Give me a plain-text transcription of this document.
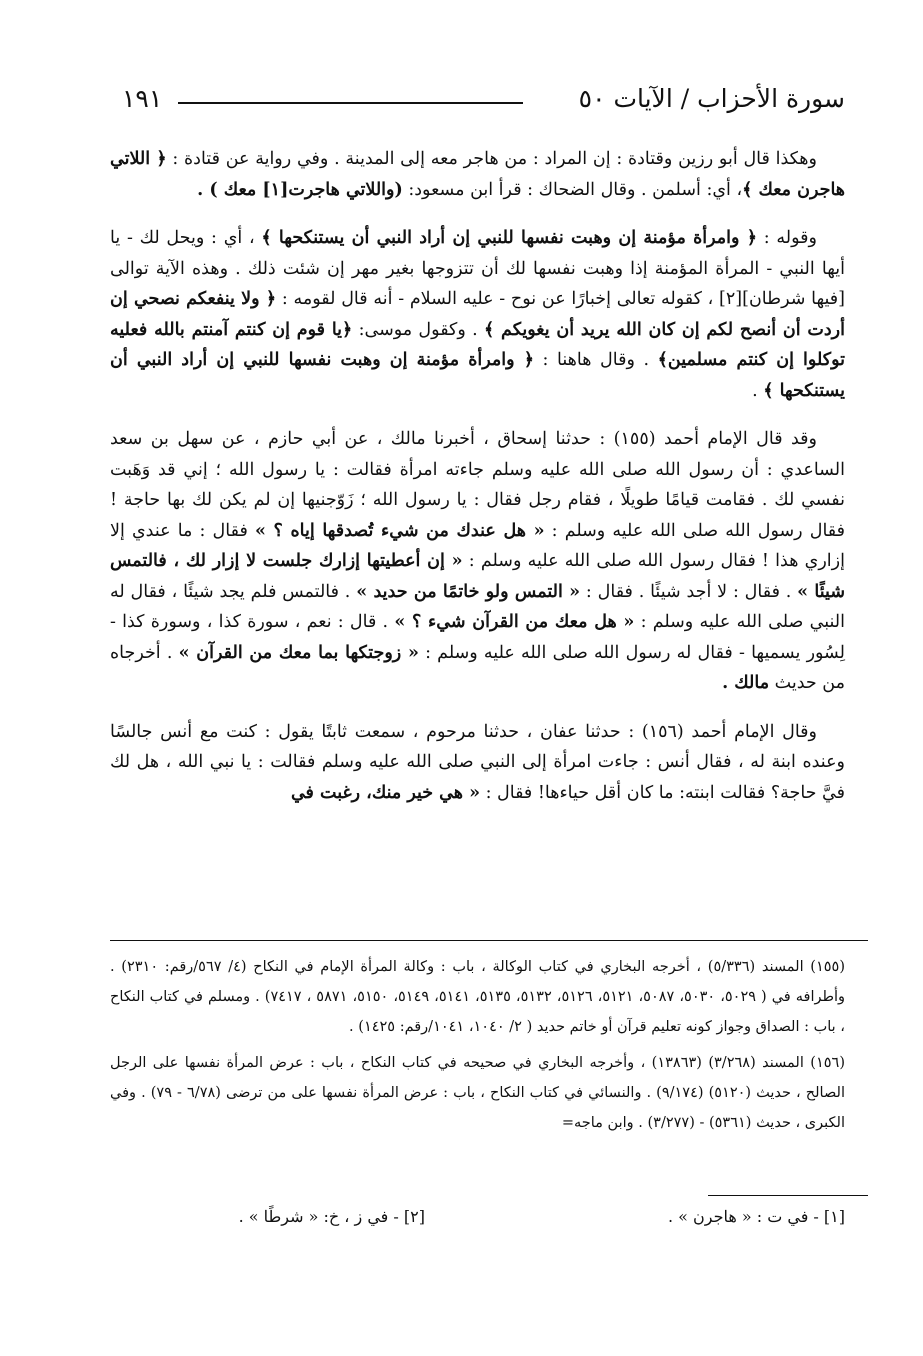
سورة الأحزاب / الآيات ٥٠
١٩١

وهكذا قال أبو رزين وقتادة : إن المراد : من هاجر معه إلى المدينة . وفي رواية عن قتادة : ﴿ اللاتي هاجرن معك ﴾، أي: أسلمن . وقال الضحاك : قرأ ابن مسعود: (واللاتي هاجرت[١] معك ) .

وقوله : ﴿ وامرأة مؤمنة إن وهبت نفسها للنبي إن أراد النبي أن يستنكحها ﴾ ، أي : ويحل لك - يا أيها النبي - المرأة المؤمنة إذا وهبت نفسها لك أن تتزوجها بغير مهر إن شئت ذلك . وهذه الآية توالى [فيها شرطان][٢] ، كقوله تعالى إخبارًا عن نوح - عليه السلام - أنه قال لقومه : ﴿ ولا ينفعكم نصحي إن أردت أن أنصح لكم إن كان الله يريد أن يغويكم ﴾ . وكقول موسى: ﴿يا قوم إن كنتم آمنتم بالله فعليه توكلوا إن كنتم مسلمين﴾ . وقال هاهنا : ﴿ وامرأة مؤمنة إن وهبت نفسها للنبي إن أراد النبي أن يستنكحها ﴾ .

وقد قال الإمام أحمد (١٥٥) : حدثنا إسحاق ، أخبرنا مالك ، عن أبي حازم ، عن سهل بن سعد الساعدي : أن رسول الله صلى الله عليه وسلم جاءته امرأة فقالت : يا رسول الله ؛ إني قد وَهَبت نفسي لك . فقامت قيامًا طويلًا ، فقام رجل فقال : يا رسول الله ؛ زَوّجنيها إن لم يكن لك بها حاجة ! فقال رسول الله صلى الله عليه وسلم : « هل عندك من شيء تُصدقها إياه ؟ » فقال : ما عندي إلا إزاري هذا ! فقال رسول الله صلى الله عليه وسلم : « إن أعطيتها إزارك جلست لا إزار لك ، فالتمس شيئًا » . فقال : لا أجد شيئًا . فقال : « التمس ولو خاتمًا من حديد » . فالتمس فلم يجد شيئًا ، فقال له النبي صلى الله عليه وسلم : « هل معك من القرآن شيء ؟ » . قال : نعم ، سورة كذا ، وسورة كذا - لِسُور يسميها - فقال له رسول الله صلى الله عليه وسلم : « زوجتكها بما معك من القرآن » . أخرجاه من حديث مالك .

وقال الإمام أحمد (١٥٦) : حدثنا عفان ، حدثنا مرحوم ، سمعت ثابتًا يقول : كنت مع أنس جالسًا وعنده ابنة له ، فقال أنس : جاءت امرأة إلى النبي صلى الله عليه وسلم فقالت : يا نبي الله ، هل لك فيَّ حاجة؟ فقالت ابنته: ما كان أقل حياءها! فقال : « هي خير منك، رغبت في

(١٥٥) المسند (٥/٣٣٦) ، أخرجه البخاري في كتاب الوكالة ، باب : وكالة المرأة الإمام في النكاح (٤/ ٥٦٧/رقم: ٢٣١٠) . وأطرافه في ( ٥٠٢٩، ٥٠٣٠، ٥٠٨٧، ٥١٢١، ٥١٢٦، ٥١٣٢، ٥١٣٥، ٥١٤١، ٥١٤٩، ٥١٥٠، ٥٨٧١ ، ٧٤١٧) . ومسلم في كتاب النكاح ، باب : الصداق وجواز كونه تعليم قرآن أو خاتم حديد ( ٢/ ١٠٤٠، ١٠٤١/رقم: ١٤٢٥) .

(١٥٦) المسند (٣/٢٦٨) (١٣٨٦٣) ، وأخرجه البخاري في صحيحه في كتاب النكاح ، باب : عرض المرأة نفسها على الرجل الصالح ، حديث (٥١٢٠) (٩/١٧٤) . والنسائي في كتاب النكاح ، باب : عرض المرأة نفسها على من ترضى (٦/٧٨ - ٧٩) . وفي الكبرى ، حديث (٥٣٦١) - (٣/٢٧٧) . وابن ماجه=

[١] - في ت : « هاجرن » .
[٢] - في ز ، خ: « شرطًا » .
